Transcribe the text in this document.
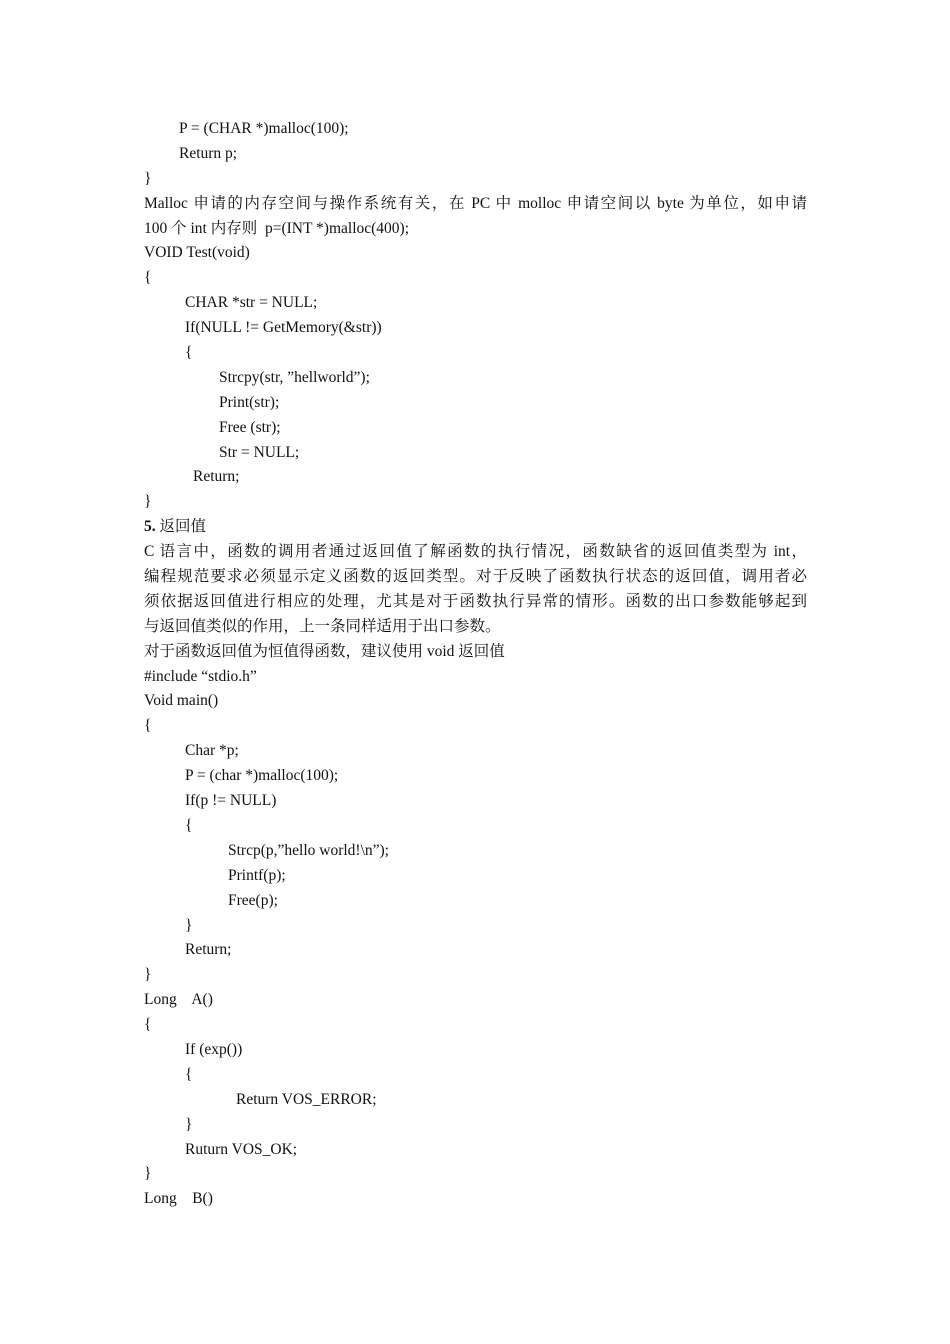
P = (CHAR *)malloc(100);
Return p;
}
Malloc 申请的内存空间与操作系统有关，在 PC 中 molloc 申请空间以 byte 为单位，如申请
100 个 int 内存则  p=(INT *)malloc(400);
VOID Test(void)
{
CHAR *str = NULL;
If(NULL != GetMemory(&str))
{
Strcpy(str, ”hellworld”);
Print(str);
Free (str);
Str = NULL;
Return;
}
5. 返回值
C 语言中，函数的调用者通过返回值了解函数的执行情况，函数缺省的返回值类型为 int，
编程规范要求必须显示定义函数的返回类型。对于反映了函数执行状态的返回值，调用者必
须依据返回值进行相应的处理，尤其是对于函数执行异常的情形。函数的出口参数能够起到
与返回值类似的作用，上一条同样适用于出口参数。
对于函数返回值为恒值得函数，建议使用 void 返回值
#include “stdio.h”
Void main()
{
Char *p;
P = (char *)malloc(100);
If(p != NULL)
{
Strcp(p,”hello world!\n”);
Printf(p);
Free(p);
}
Return;
}
Long    A()
{
If (exp())
{
Return VOS_ERROR;
}
Ruturn VOS_OK;
}
Long    B()
